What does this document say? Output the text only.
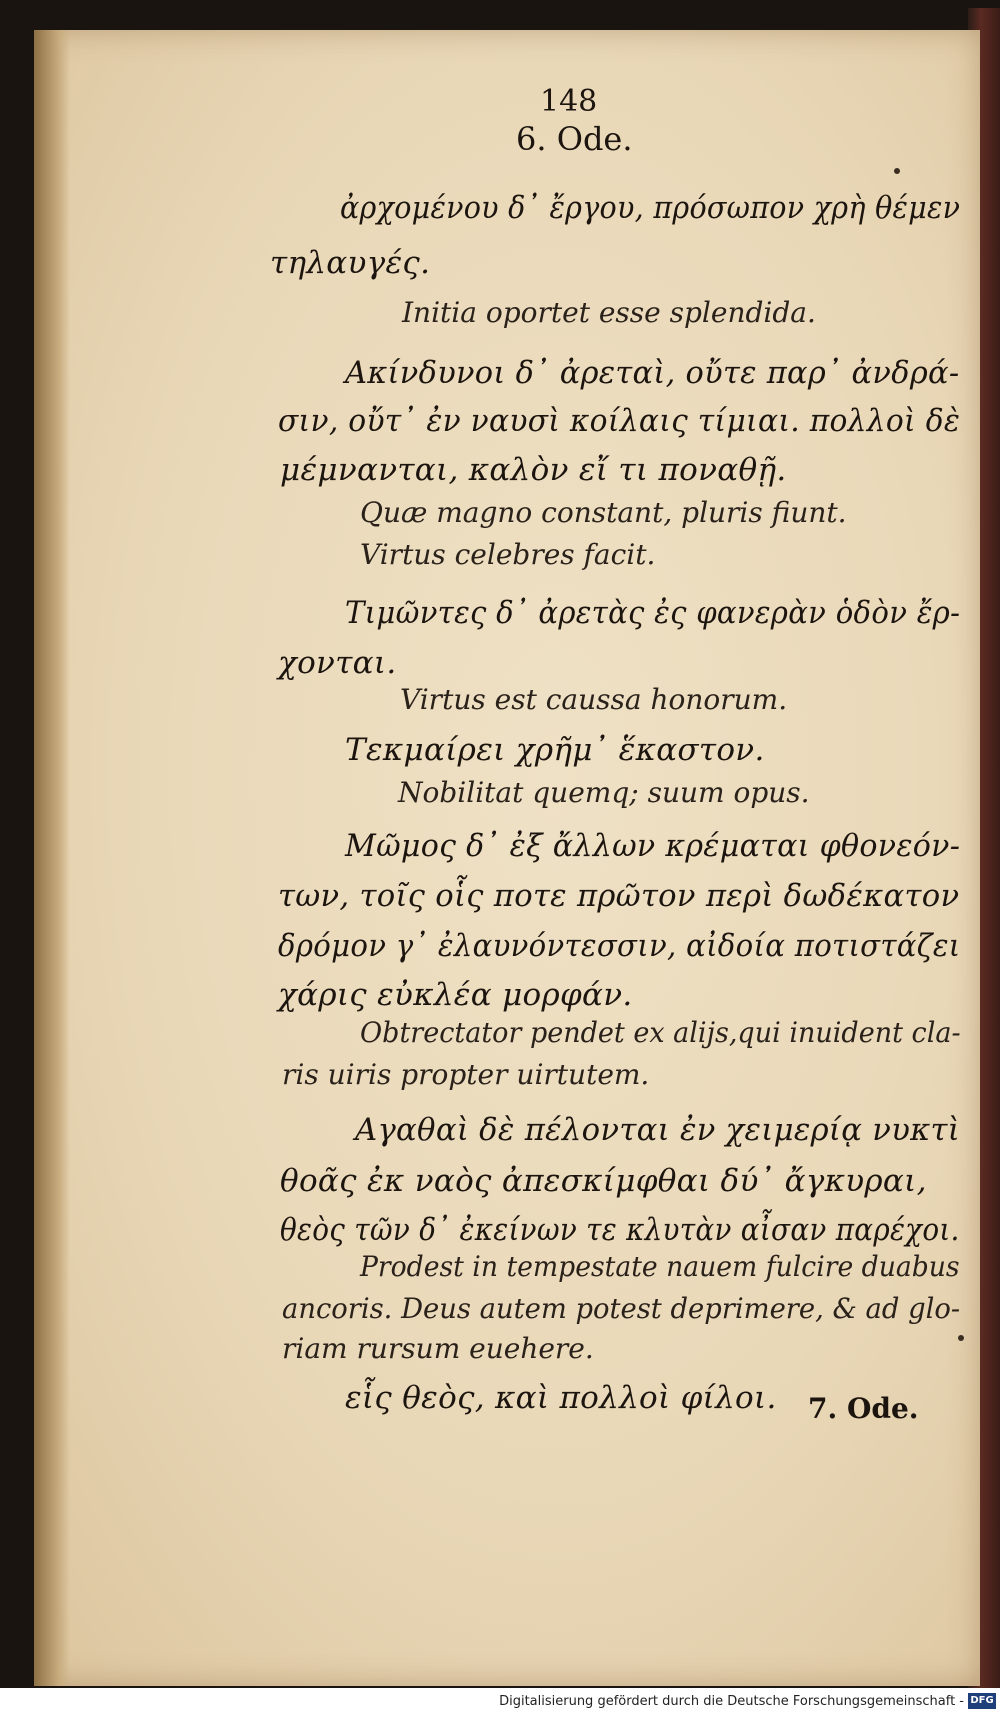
148
6. Ode.
ἀρχομένου δ᾽ ἔργου, πρόσωπον χρὴ θέμεν
τηλαυγές.
Initia oportet esse splendida.
Ακίνδυνοι δ᾽ ἀρεταὶ, οὔτε παρ᾽ ἀνδρά-
σιν, οὔτ᾽ ἐν ναυσὶ κοίλαις τίμιαι. πολλοὶ δὲ
μέμνανται, καλὸν εἴ τι ποναθῇ.
Quæ magno constant, pluris fiunt.
Virtus celebres facit.
Τιμῶντες δ᾽ ἀρετὰς ἐς φανερὰν ὁδὸν ἔρ-
χονται.
Virtus est caussa honorum.
Τεκμαίρει χρῆμ᾽ ἕκαστον.
Nobilitat quemq; suum opus.
Μῶμος δ᾽ ἐξ ἄλλων κρέμαται φθονεόν-
των, τοῖς οἷς ποτε πρῶτον περὶ δωδέκατον
δρόμον γ᾽ ἐλαυνόντεσσιν, αἰδοία ποτιστάζει
χάρις εὐκλέα μορφάν.
Obtrectator pendet ex alijs,qui inuident cla-
ris uiris propter uirtutem.
Αγαθαὶ δὲ πέλονται ἐν χειμερίᾳ νυκτὶ
θοᾶς ἐκ ναὸς ἀπεσκίμφθαι δύ᾽ ἄγκυραι,
θεὸς τῶν δ᾽ ἐκείνων τε κλυτὰν αἶσαν παρέχοι.
Prodest in tempestate nauem fulcire duabus
ancoris. Deus autem potest deprimere, & ad glo-
riam rursum euehere.
εἷς θεὸς, καὶ πολλοὶ φίλοι. 7. Ode.
Digitalisierung gefördert durch die Deutsche Forschungsgemeinschaft - DFG
